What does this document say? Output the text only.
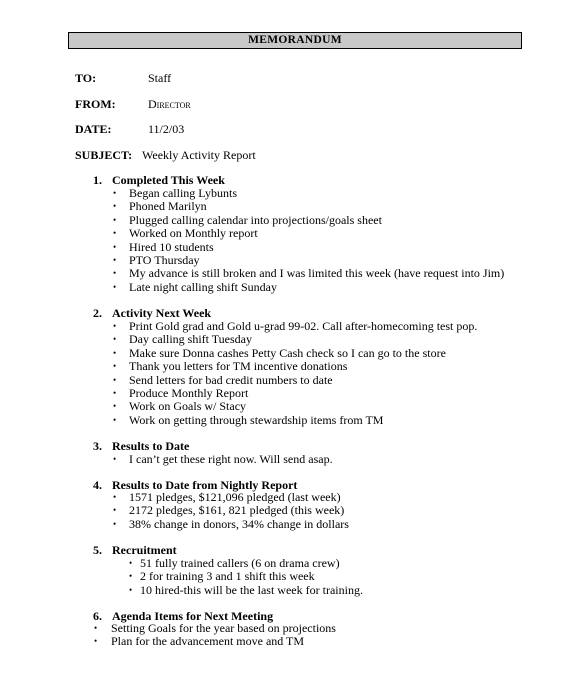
MEMORANDUM
TO:	Staff
FROM:	Director
DATE:	11/2/03
SUBJECT: Weekly Activity Report
1. Completed This Week
• Began calling Lybunts
• Phoned Marilyn
• Plugged calling calendar into projections/goals sheet
• Worked on Monthly report
• Hired 10 students
• PTO Thursday
• My advance is still broken and I was limited this week (have request into Jim)
• Late night calling shift Sunday
2. Activity Next Week
• Print Gold grad and Gold u-grad 99-02. Call after-homecoming test pop.
• Day calling shift Tuesday
• Make sure Donna cashes Petty Cash check so I can go to the store
• Thank you letters for TM incentive donations
• Send letters for bad credit numbers to date
• Produce Monthly Report
• Work on Goals w/ Stacy
• Work on getting through stewardship items from TM
3. Results to Date
• I can’t get these right now. Will send asap.
4. Results to Date from Nightly Report
• 1571 pledges, $121,096 pledged (last week)
• 2172 pledges, $161, 821 pledged (this week)
• 38% change in donors, 34% change in dollars
5. Recruitment
• 51 fully trained callers (6 on drama crew)
• 2 for training 3 and 1 shift this week
• 10 hired-this will be the last week for training.
6. Agenda Items for Next Meeting
• Setting Goals for the year based on projections
• Plan for the advancement move and TM
